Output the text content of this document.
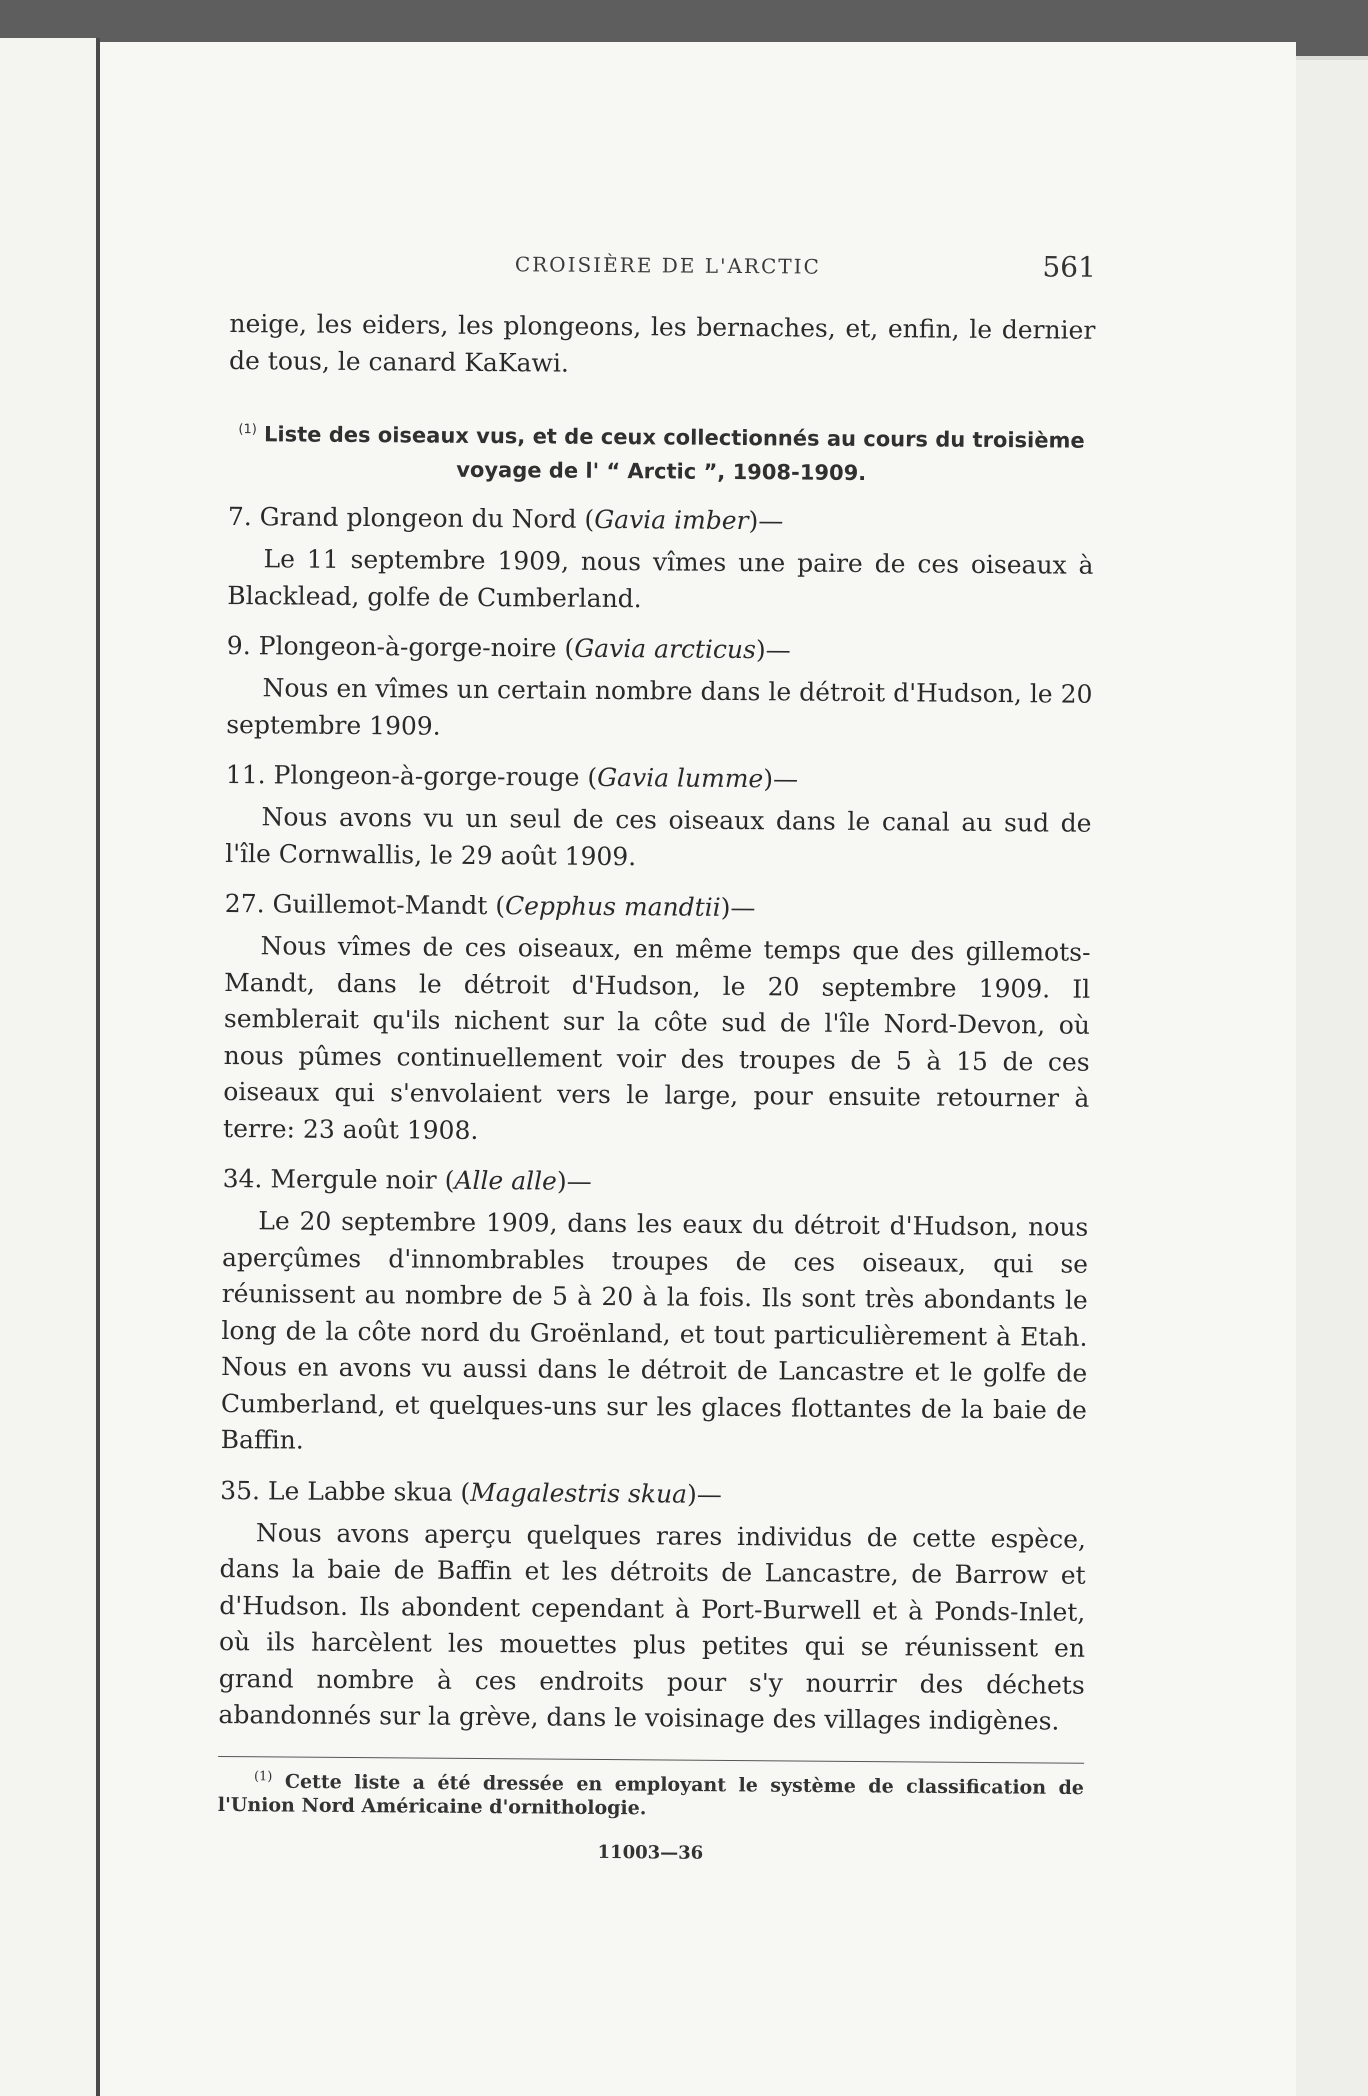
CROISIÈRE DE L'ARCTIC	561

neige, les eiders, les plongeons, les bernaches, et, enfin, le dernier de tous, le canard KaKawi.

$^{(1)}$ Liste des oiseaux vus, et de ceux collectionnés au cours du troisième voyage de l' “ Arctic ”, 1908-1909.
7. Grand plongeon du Nord (Gavia imber)—

Le 11 septembre 1909, nous vîmes une paire de ces oiseaux à Blacklead, golfe de Cumberland.

9. Plongeon-à-gorge-noire (Gavia arcticus)—

Nous en vîmes un certain nombre dans le détroit d'Hudson, le 20 septembre 1909.

11. Plongeon-à-gorge-rouge (Gavia lumme)—

Nous avons vu un seul de ces oiseaux dans le canal au sud de l'île Cornwallis, le 29 août 1909.

27. Guillemot-Mandt (Cepphus mandtii)—

Nous vîmes de ces oiseaux, en même temps que des gillemots-Mandt, dans le détroit d'Hudson, le 20 septembre 1909. Il semblerait qu'ils nichent sur la côte sud de l'île Nord-Devon, où nous pûmes continuellement voir des troupes de 5 à 15 de ces oiseaux qui s'envolaient vers le large, pour ensuite retourner à terre: 23 août 1908.

34. Mergule noir (Alle alle)—

Le 20 septembre 1909, dans les eaux du détroit d'Hudson, nous aperçûmes d'innombrables troupes de ces oiseaux, qui se réunissent au nombre de 5 à 20 à la fois. Ils sont très abondants le long de la côte nord du Groënland, et tout particulièrement à Etah. Nous en avons vu aussi dans le détroit de Lancastre et le golfe de Cumberland, et quelques-uns sur les glaces flottantes de la baie de Baffin.

35. Le Labbe skua (Magalestris skua)—

Nous avons aperçu quelques rares individus de cette espèce, dans la baie de Baffin et les détroits de Lancastre, de Barrow et d'Hudson. Ils abondent cependant à Port-Burwell et à Ponds-Inlet, où ils harcèlent les mouettes plus petites qui se réunissent en grand nombre à ces endroits pour s'y nourrir des déchets abandonnés sur la grève, dans le voisinage des villages indigènes.

$^{(1)}$ Cette liste a été dressée en employant le système de classification de l'Union Nord Américaine d'ornithologie.

11003—36
